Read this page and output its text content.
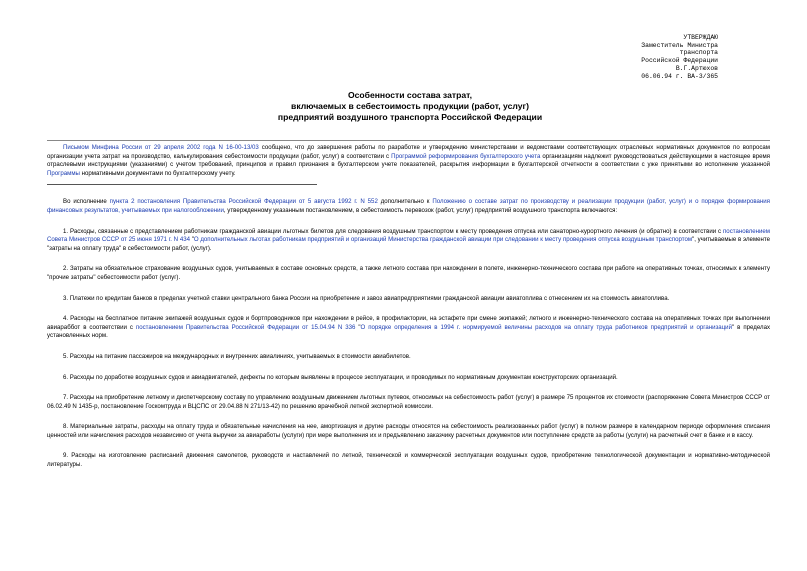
УТВЕРЖДАЮ
Заместитель Министра
транспорта
Российской Федерации
В.Г.Артюхов
06.06.94 г. ВА-3/365
Особенности состава затрат,
включаемых в себестоимость продукции (работ, услуг)
предприятий воздушного транспорта Российской Федерации

Письмом Минфина России от 29 апреля 2002 года N 16-00-13/03 сообщено, что до завершения работы по разработке и утверждению министерствами и ведомствами соответствующих отраслевых нормативных документов по вопросам организации учета затрат на производство, калькулирования себестоимости продукции (работ, услуг) в соответствии с Программой реформирования бухгалтерского учета организациям надлежит руководствоваться действующими в настоящее время отраслевыми инструкциями (указаниями) с учетом требований, принципов и правил признания в бухгалтерском учете показателей, раскрытия информации в бухгалтерской отчетности в соответствии с уже принятыми во исполнение указанной Программы нормативными документами по бухгалтерскому учету.

Во исполнение пункта 2 постановления Правительства Российской Федерации от 5 августа 1992 г. N 552 дополнительно к Положению о составе затрат по производству и реализации продукции (работ, услуг) и о порядке формирования финансовых результатов, учитываемых при налогообложении, утвержденному указанным постановлением, в себестоимость перевозок (работ, услуг) предприятий воздушного транспорта включаются:

1. Расходы, связанные с представлением работникам гражданской авиации льготных билетов для следования воздушным транспортом к месту проведения отпуска или санаторно-курортного лечения (и обратно) в соответствии с постановлением Совета Министров СССР от 25 июня 1971 г. N 434 "О дополнительных льготах работникам предприятий и организаций Министерства гражданской авиации при следовании к месту проведения отпуска воздушным транспортом", учитываемые в элементе "затраты на оплату труда" в себестоимости работ, (услуг).

2. Затраты на обязательное страхование воздушных судов, учитываемых в составе основных средств, а также летного состава при нахождении в полете, инженерно-технического состава при работе на оперативных точках, относимых к элементу "прочие затраты" себестоимости работ (услуг).

3. Платежи по кредитам банков в пределах учетной ставки центрального банка России на приобретение и завоз авиапредприятиями гражданской авиации авиатоплива с отнесением их на стоимость авиатоплива.

4. Расходы на бесплатное питание экипажей воздушных судов и бортпроводников при нахождении в рейсе, в профилактории, на эстафете при смене экипажей; летного и инженерно-технического состава на оперативных точках при выполнении авиараббот в соответствии с постановлением Правительства Российской Федерации от 15.04.94 N 336 "О порядке определения в 1994 г. нормируемой величины расходов на оплату труда работников предприятий и организаций" в пределах установленных норм.

5. Расходы на питание пассажиров на международных и внутренних авиалиниях, учитываемых в стоимости авиабилетов.

6. Расходы по доработке воздушных судов и авиадвигателей, дефекты по которым выявлены в процессе эксплуатации, и проводимых по нормативным документам конструкторских организаций.

7. Расходы на приобретение летному и диспетчерскому составу по управлению воздушным движением льготных путевок, относимых на себестоимость работ (услуг) в размере 75 процентов их стоимости (распоряжение Совета Министров СССР от 06.02.49 N 1435-р, постановление Госкомтруда и ВЦСПС от 29.04.88 N 271/13-42) по решению врачебной летной экспертной комиссии.

8. Материальные затраты, расходы на оплату труда и обязательные начисления на нее, амортизация и другие расходы относятся на себестоимость реализованных работ (услуг) в полном размере в календарном периоде оформления списания ценностей или начисления расходов независимо от учета выручки за авиаработы (услуги) при мере выполнения их и предъявлению заказчику расчетных документов или поступление средств за работы (услуги) на расчетный счет в банке и в кассу.

9. Расходы на изготовление расписаний движения самолетов, руководств и наставлений по летной, технической и коммерческой эксплуатации воздушных судов, приобретение технологической документации и нормативно-методической литературы.
